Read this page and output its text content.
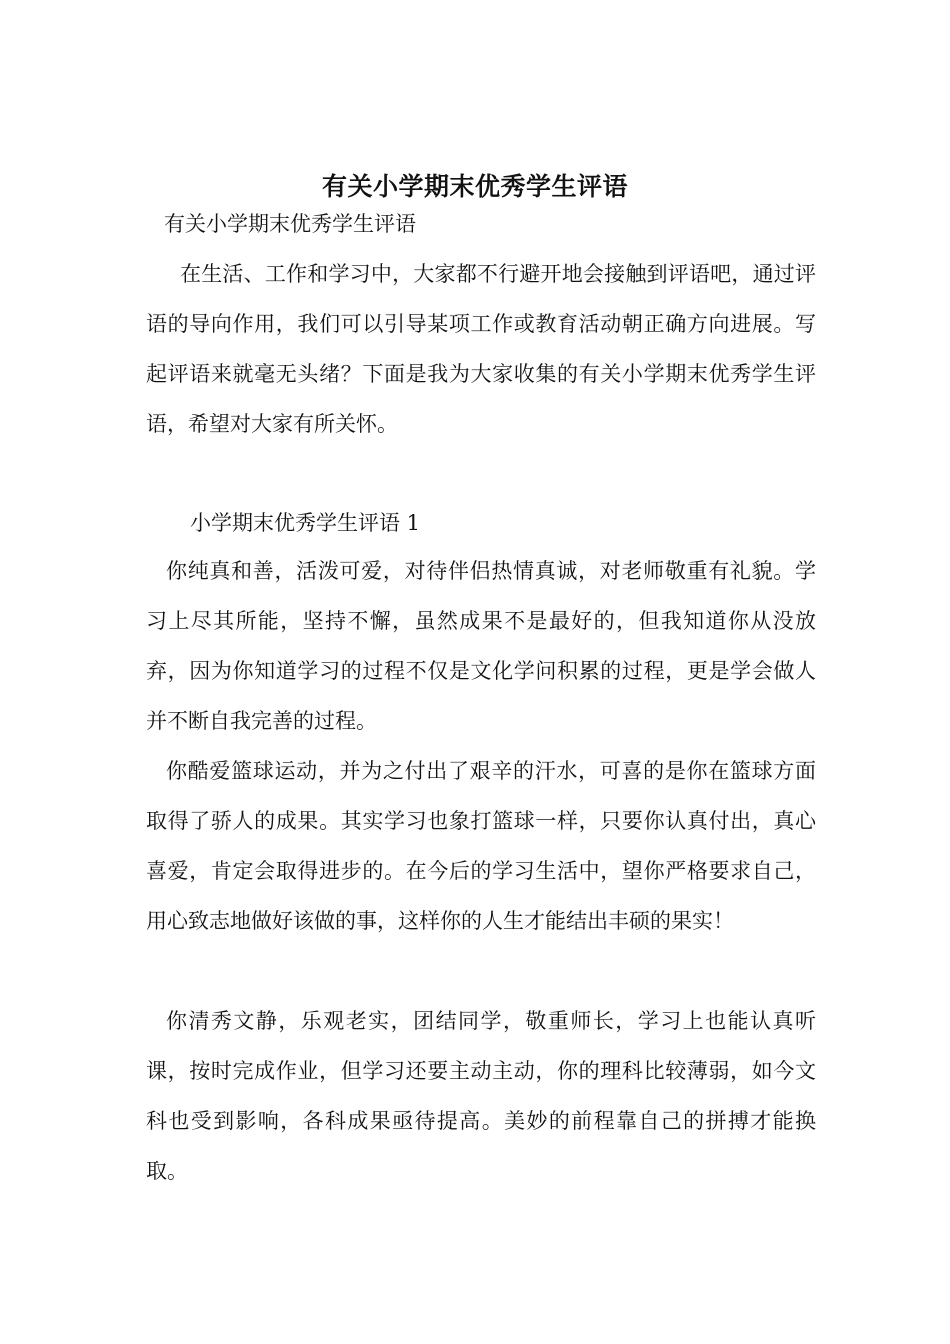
有关小学期末优秀学生评语

有关小学期末优秀学生评语

在生活、工作和学习中，大家都不行避开地会接触到评语吧，通过评语的导向作用，我们可以引导某项工作或教育活动朝正确方向进展。写起评语来就毫无头绪？下面是我为大家收集的有关小学期末优秀学生评语，希望对大家有所关怀。

小学期末优秀学生评语 1

你纯真和善，活泼可爱，对待伴侣热情真诚，对老师敬重有礼貌。学习上尽其所能，坚持不懈，虽然成果不是最好的，但我知道你从没放弃，因为你知道学习的过程不仅是文化学问积累的过程，更是学会做人并不断自我完善的过程。

你酷爱篮球运动，并为之付出了艰辛的汗水，可喜的是你在篮球方面取得了骄人的成果。其实学习也象打篮球一样，只要你认真付出，真心喜爱，肯定会取得进步的。在今后的学习生活中，望你严格要求自己，用心致志地做好该做的事，这样你的人生才能结出丰硕的果实！

你清秀文静，乐观老实，团结同学，敬重师长，学习上也能认真听课，按时完成作业，但学习还要主动主动，你的理科比较薄弱，如今文科也受到影响，各科成果亟待提高。美妙的前程靠自己的拼搏才能换取。
